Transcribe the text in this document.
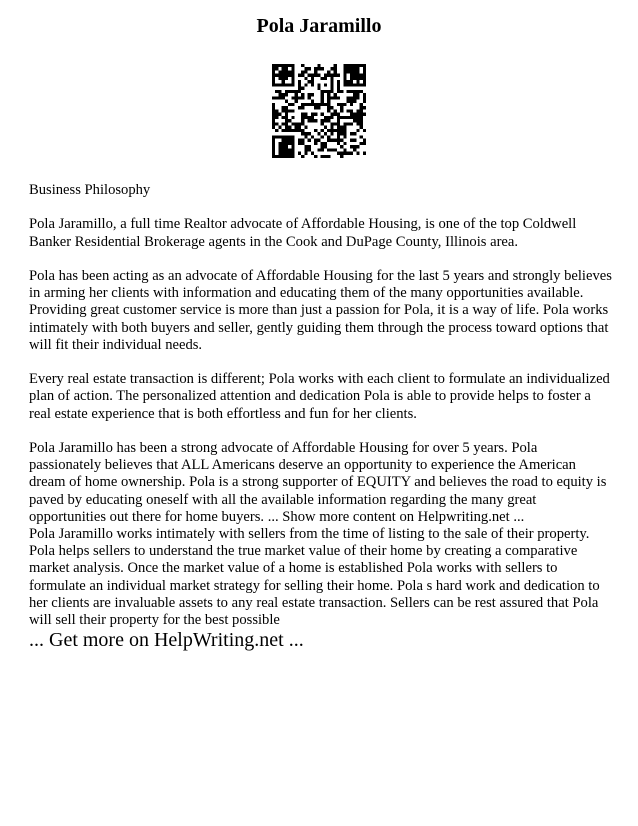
Pola Jaramillo

Business Philosophy

Pola Jaramillo, a full time Realtor advocate of Affordable Housing, is one of the top Coldwell Banker Residential Brokerage agents in the Cook and DuPage County, Illinois area.

Pola has been acting as an advocate of Affordable Housing for the last 5 years and strongly believes in arming her clients with information and educating them of the many opportunities available. Providing great customer service is more than just a passion for Pola, it is a way of life. Pola works intimately with both buyers and seller, gently guiding them through the process toward options that will fit their individual needs.

Every real estate transaction is different; Pola works with each client to formulate an individualized plan of action. The personalized attention and dedication Pola is able to provide helps to foster a real estate experience that is both effortless and fun for her clients.

Pola Jaramillo has been a strong advocate of Affordable Housing for over 5 years. Pola passionately believes that ALL Americans deserve an opportunity to experience the American dream of home ownership. Pola is a strong supporter of EQUITY and believes the road to equity is paved by educating oneself with all the available information regarding the many great opportunities out there for home buyers. ... Show more content on Helpwriting.net ...

Pola Jaramillo works intimately with sellers from the time of listing to the sale of their property. Pola helps sellers to understand the true market value of their home by creating a comparative market analysis. Once the market value of a home is established Pola works with sellers to formulate an individual market strategy for selling their home. Pola s hard work and dedication to her clients are invaluable assets to any real estate transaction. Sellers can be rest assured that Pola will sell their property for the best possible

... Get more on HelpWriting.net ...
